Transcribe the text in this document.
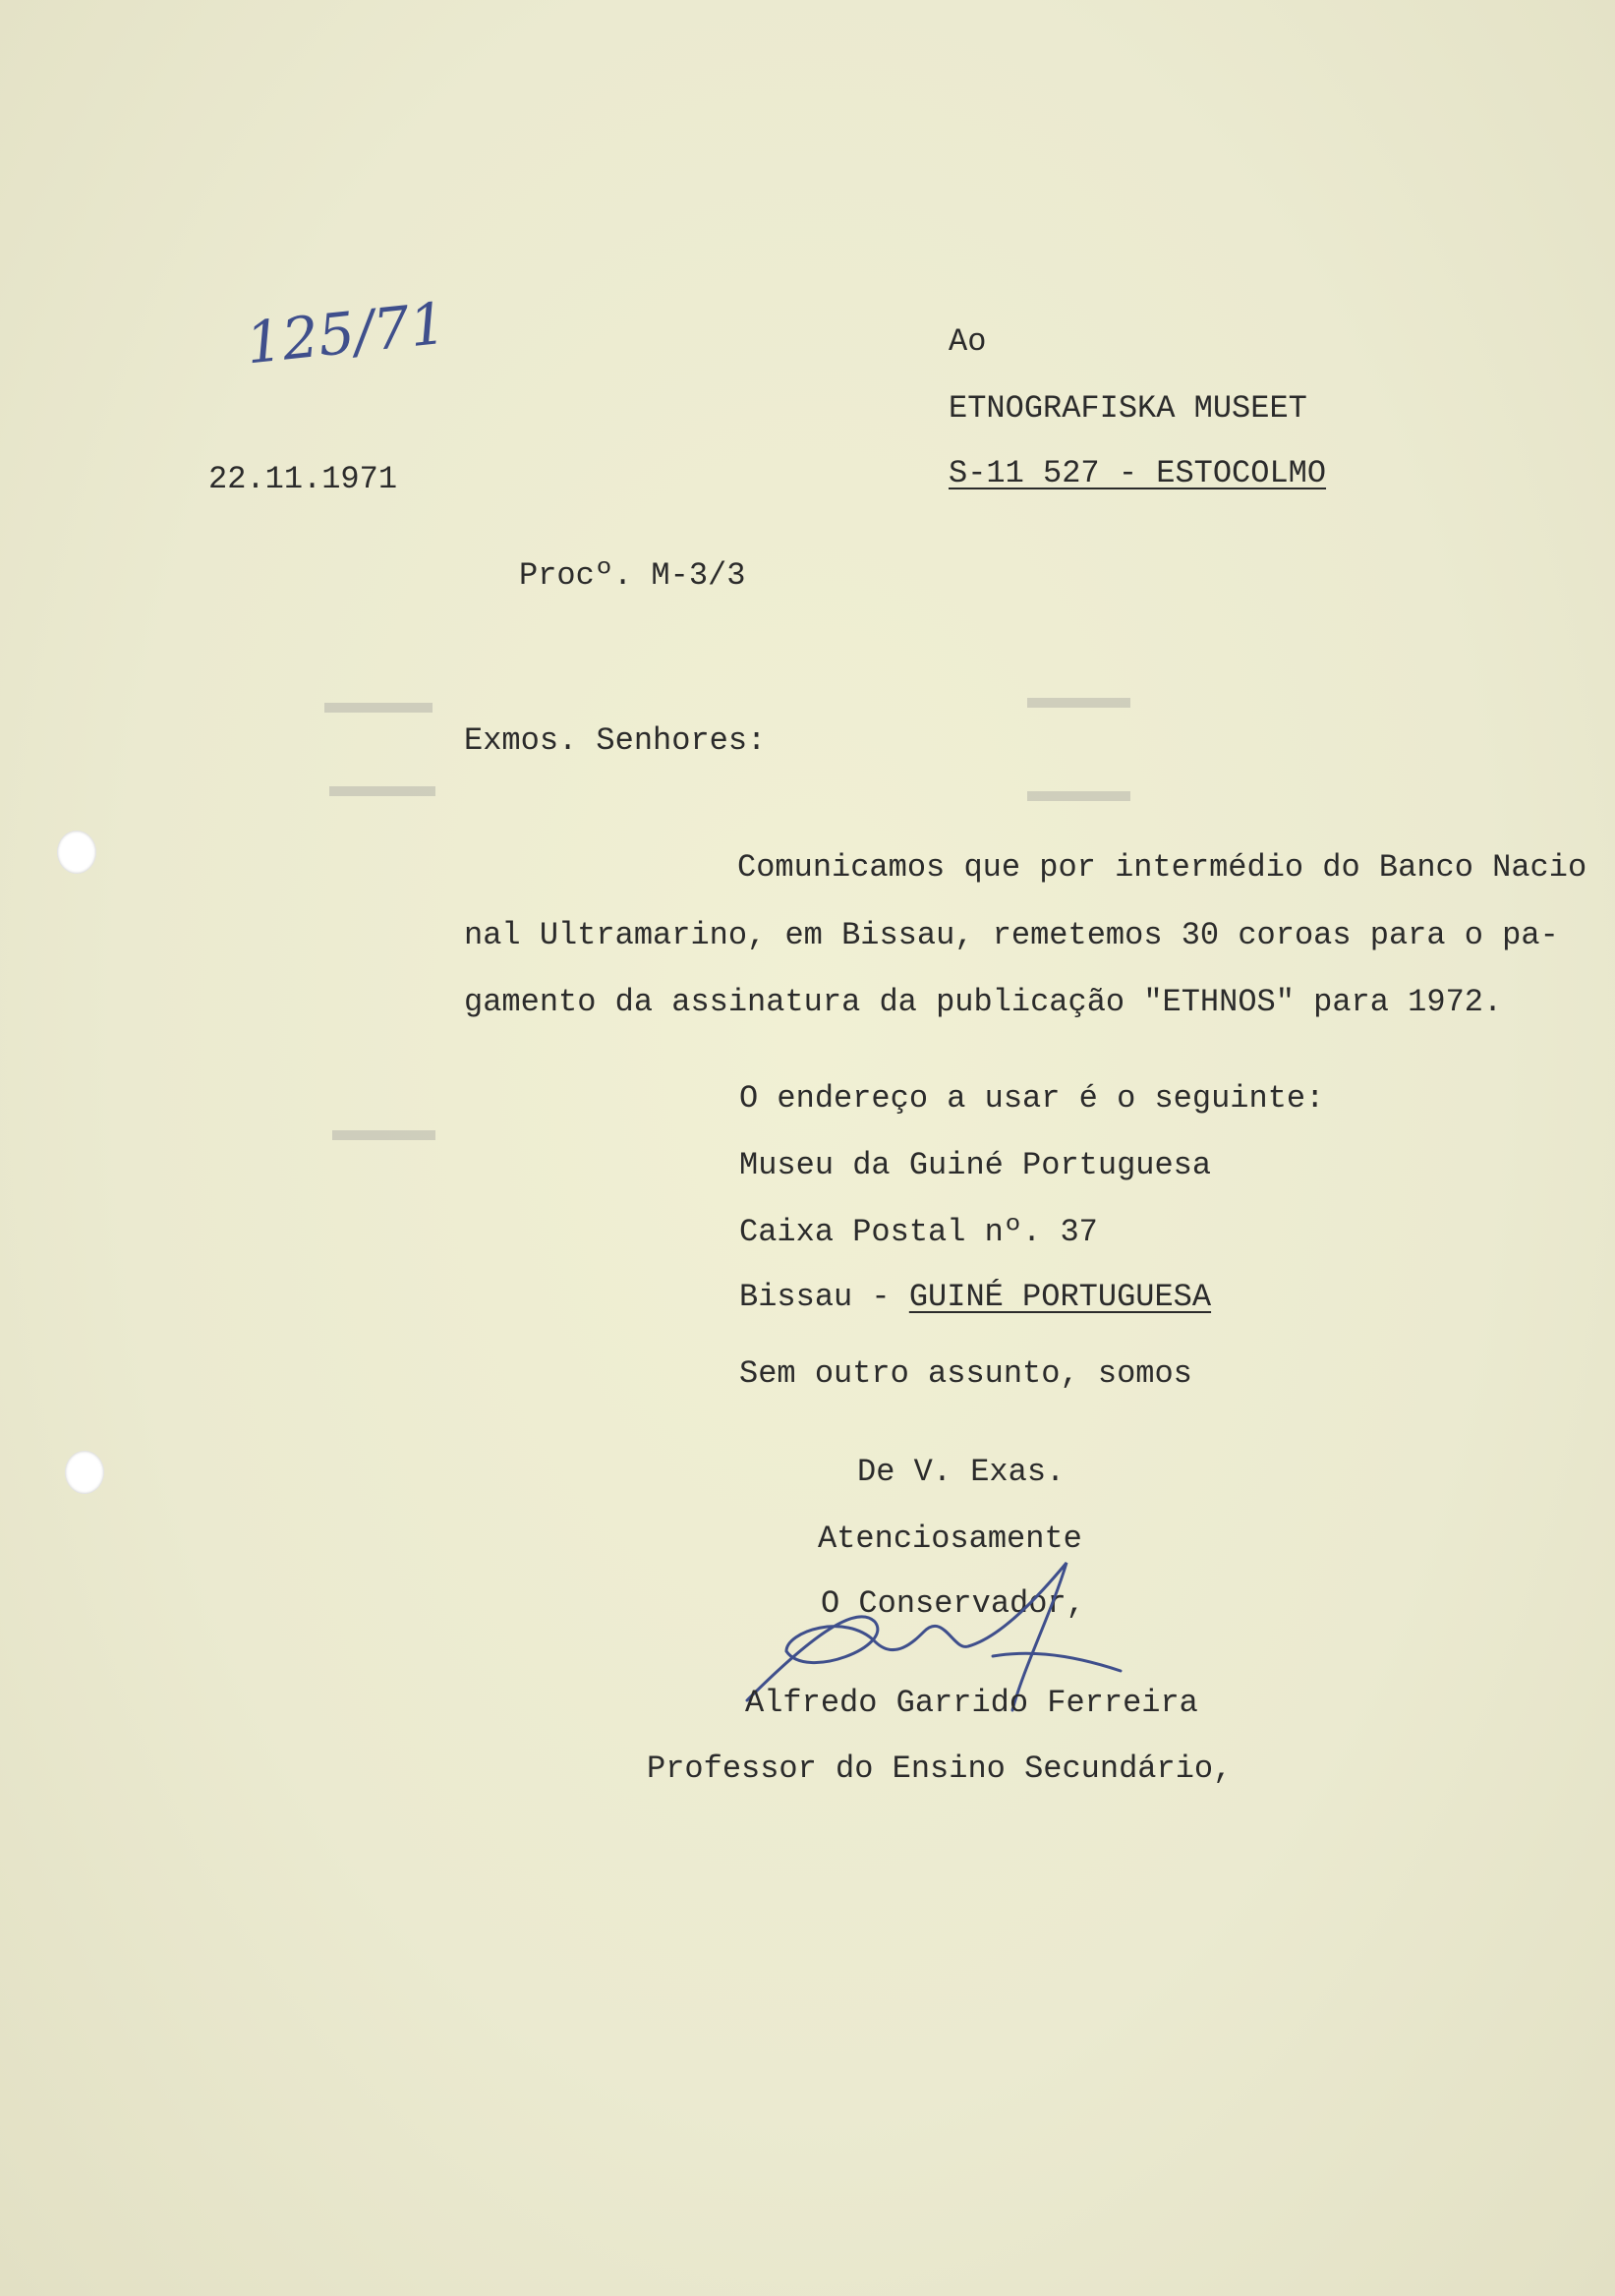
125/71
22.11.1971
Ao
ETNOGRAFISKA MUSEET
S-11 527 - ESTOCOLMO
Procº. M-3/3
Exmos. Senhores:
Comunicamos que por intermédio do Banco Nacio
nal Ultramarino, em Bissau, remetemos 30 coroas para o pa-
gamento da assinatura da publicação "ETHNOS" para 1972.
O endereço a usar é o seguinte:
Museu da Guiné Portuguesa
Caixa Postal nº. 37
Bissau - GUINÉ PORTUGUESA
Sem outro assunto, somos
De V. Exas.
Atenciosamente
O Conservador,
Alfredo Garrido Ferreira
Professor do Ensino Secundário,
